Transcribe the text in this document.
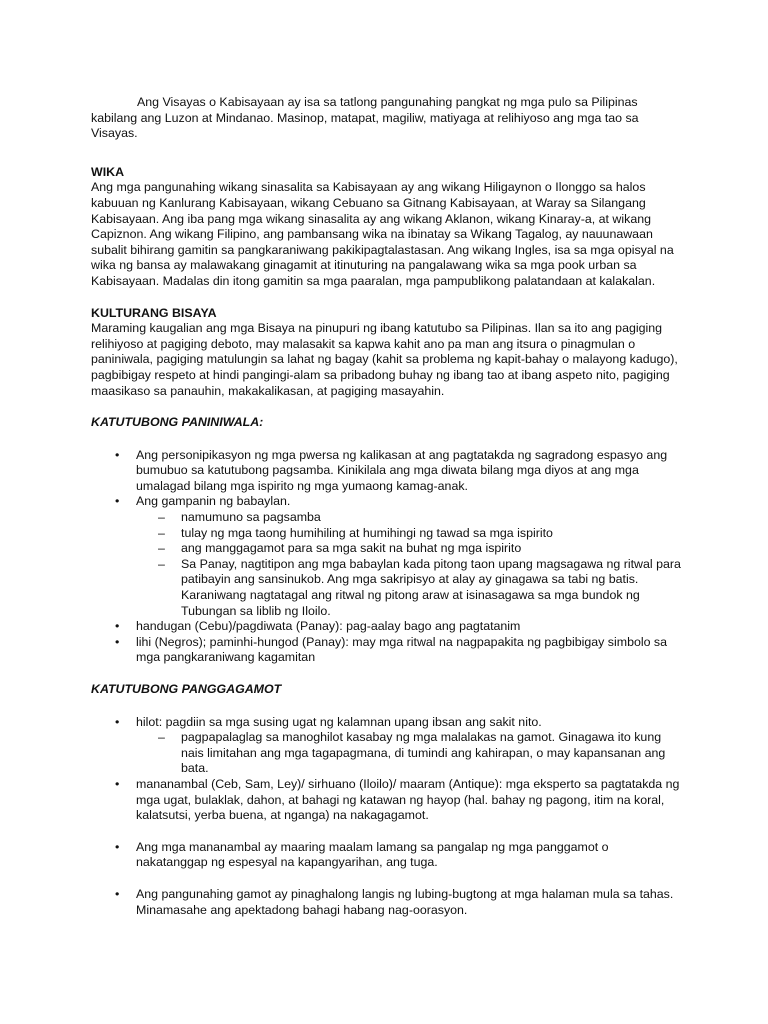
Ang Visayas o Kabisayaan ay isa sa tatlong pangunahing pangkat ng mga pulo sa Pilipinas kabilang ang Luzon at Mindanao. Masinop, matapat, magiliw, matiyaga at relihiyoso ang mga tao sa Visayas.

WIKA

Ang mga pangunahing wikang sinasalita sa Kabisayaan ay ang wikang Hiligaynon o Ilonggo sa halos kabuuan ng Kanlurang Kabisayaan, wikang Cebuano sa Gitnang Kabisayaan, at Waray sa Silangang Kabisayaan. Ang iba pang mga wikang sinasalita ay ang wikang Aklanon, wikang Kinaray-a, at wikang Capiznon. Ang wikang Filipino, ang pambansang wika na ibinatay sa Wikang Tagalog, ay nauunawaan subalit bihirang gamitin sa pangkaraniwang pakikipagtalastasan. Ang wikang Ingles, isa sa mga opisyal na wika ng bansa ay malawakang ginagamit at itinuturing na pangalawang wika sa mga pook urban sa Kabisayaan. Madalas din itong gamitin sa mga paaralan, mga pampublikong palatandaan at kalakalan.

KULTURANG BISAYA

Maraming kaugalian ang mga Bisaya na pinupuri ng ibang katutubo sa Pilipinas. Ilan sa ito ang pagiging relihiyoso at pagiging deboto, may malasakit sa kapwa kahit ano pa man ang itsura o pinagmulan o paniniwala, pagiging matulungin sa lahat ng bagay (kahit sa problema ng kapit-bahay o malayong kadugo), pagbibigay respeto at hindi pangingi-alam sa pribadong buhay ng ibang tao at ibang aspeto nito, pagiging maasikaso sa panauhin, makakalikasan, at pagiging masayahin.

KATUTUBONG PANINIWALA:

• Ang personipikasyon ng mga pwersa ng kalikasan at ang pagtatakda ng sagradong espasyo ang bumubuo sa katutubong pagsamba. Kinikilala ang mga diwata bilang mga diyos at ang mga umalagad bilang mga ispirito ng mga yumaong kamag-anak.
• Ang gampanin ng babaylan.
– namumuno sa pagsamba
– tulay ng mga taong humihiling at humihingi ng tawad sa mga ispirito
– ang manggagamot para sa mga sakit na buhat ng mga ispirito
– Sa Panay, nagtitipon ang mga babaylan kada pitong taon upang magsagawa ng ritwal para patibayin ang sansinukob. Ang mga sakripisyo at alay ay ginagawa sa tabi ng batis. Karaniwang nagtatagal ang ritwal ng pitong araw at isinasagawa sa mga bundok ng Tubungan sa liblib ng Iloilo.
• handugan (Cebu)/pagdiwata (Panay): pag-aalay bago ang pagtatanim
• lihi (Negros); paminhi-hungod (Panay): may mga ritwal na nagpapakita ng pagbibigay simbolo sa mga pangkaraniwang kagamitan

KATUTUBONG PANGGAGAMOT

• hilot: pagdiin sa mga susing ugat ng kalamnan upang ibsan ang sakit nito.
– pagpapalaglag sa manoghilot kasabay ng mga malalakas na gamot. Ginagawa ito kung nais limitahan ang mga tagapagmana, di tumindi ang kahirapan, o may kapansanan ang bata.
• mananambal (Ceb, Sam, Ley)/ sirhuano (Iloilo)/ maaram (Antique): mga eksperto sa pagtatakda ng mga ugat, bulaklak, dahon, at bahagi ng katawan ng hayop (hal. bahay ng pagong, itim na koral, kalatsutsi, yerba buena, at nganga) na nakagagamot.
• Ang mga mananambal ay maaring maalam lamang sa pangalap ng mga panggamot o nakatanggap ng espesyal na kapangyarihan, ang tuga.
• Ang pangunahing gamot ay pinaghalong langis ng lubing-bugtong at mga halaman mula sa tahas. Minamasahe ang apektadong bahagi habang nag-oorasyon.
